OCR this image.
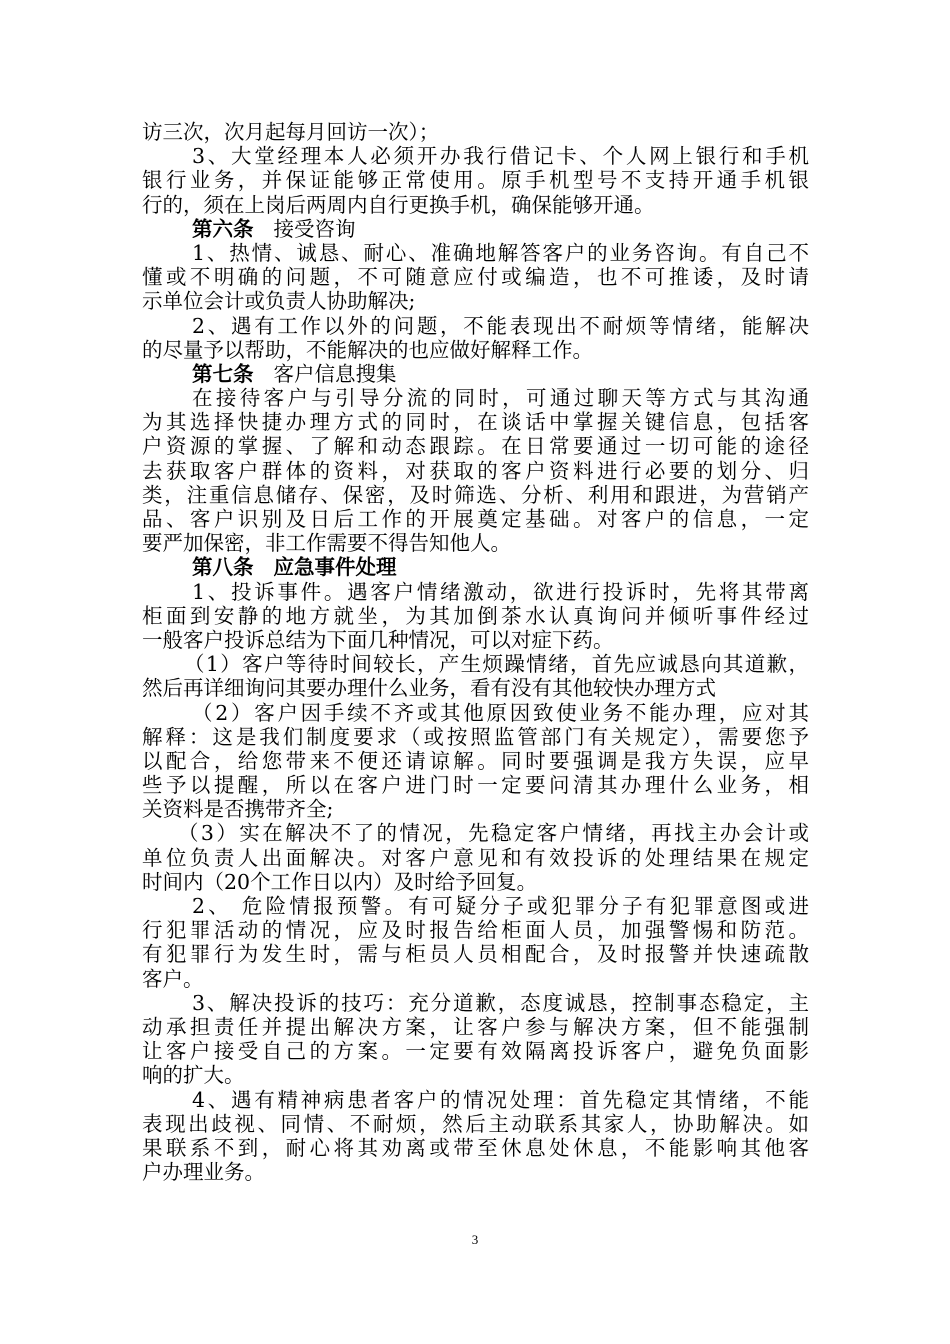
访三次，次月起每月回访一次）；
3、大堂经理本人必须开办我行借记卡、个人网上银行和手机
银行业务，并保证能够正常使用。原手机型号不支持开通手机银
行的，须在上岗后两周内自行更换手机，确保能够开通。
第六条 接受咨询
1、热情、诚恳、耐心、准确地解答客户的业务咨询。有自己不
懂或不明确的问题，不可随意应付或编造，也不可推诿，及时请
示单位会计或负责人协助解决;
2、遇有工作以外的问题，不能表现出不耐烦等情绪，能解决
的尽量予以帮助，不能解决的也应做好解释工作。
第七条 客户信息搜集
在接待客户与引导分流的同时，可通过聊天等方式与其沟通
为其选择快捷办理方式的同时，在谈话中掌握关键信息，包括客
户资源的掌握、了解和动态跟踪。在日常要通过一切可能的途径
去获取客户群体的资料，对获取的客户资料进行必要的划分、归
类，注重信息储存、保密，及时筛选、分析、利用和跟进，为营销产
品、客户识别及日后工作的开展奠定基础。对客户的信息，一定
要严加保密，非工作需要不得告知他人。
第八条 应急事件处理
1、投诉事件。遇客户情绪激动，欲进行投诉时，先将其带离
柜面到安静的地方就坐，为其加倒茶水认真询问并倾听事件经过
一般客户投诉总结为下面几种情况，可以对症下药。
（1）客户等待时间较长，产生烦躁情绪，首先应诚恳向其道歉，
然后再详细询问其要办理什么业务，看有没有其他较快办理方式
（2）客户因手续不齐或其他原因致使业务不能办理，应对其
解释：这是我们制度要求（或按照监管部门有关规定），需要您予
以配合，给您带来不便还请谅解。同时要强调是我方失误，应早
些予以提醒，所以在客户进门时一定要问清其办理什么业务，相
关资料是否携带齐全;
（3）实在解决不了的情况，先稳定客户情绪，再找主办会计或
单位负责人出面解决。对客户意见和有效投诉的处理结果在规定
时间内（20个工作日以内）及时给予回复。
2、 危险情报预警。有可疑分子或犯罪分子有犯罪意图或进
行犯罪活动的情况，应及时报告给柜面人员，加强警惕和防范。
有犯罪行为发生时，需与柜员人员相配合，及时报警并快速疏散
客户。
3、解决投诉的技巧：充分道歉，态度诚恳，控制事态稳定，主
动承担责任并提出解决方案，让客户参与解决方案，但不能强制
让客户接受自己的方案。一定要有效隔离投诉客户，避免负面影
响的扩大。
4、遇有精神病患者客户的情况处理：首先稳定其情绪，不能
表现出歧视、同情、不耐烦，然后主动联系其家人，协助解决。如
果联系不到，耐心将其劝离或带至休息处休息，不能影响其他客
户办理业务。
3
